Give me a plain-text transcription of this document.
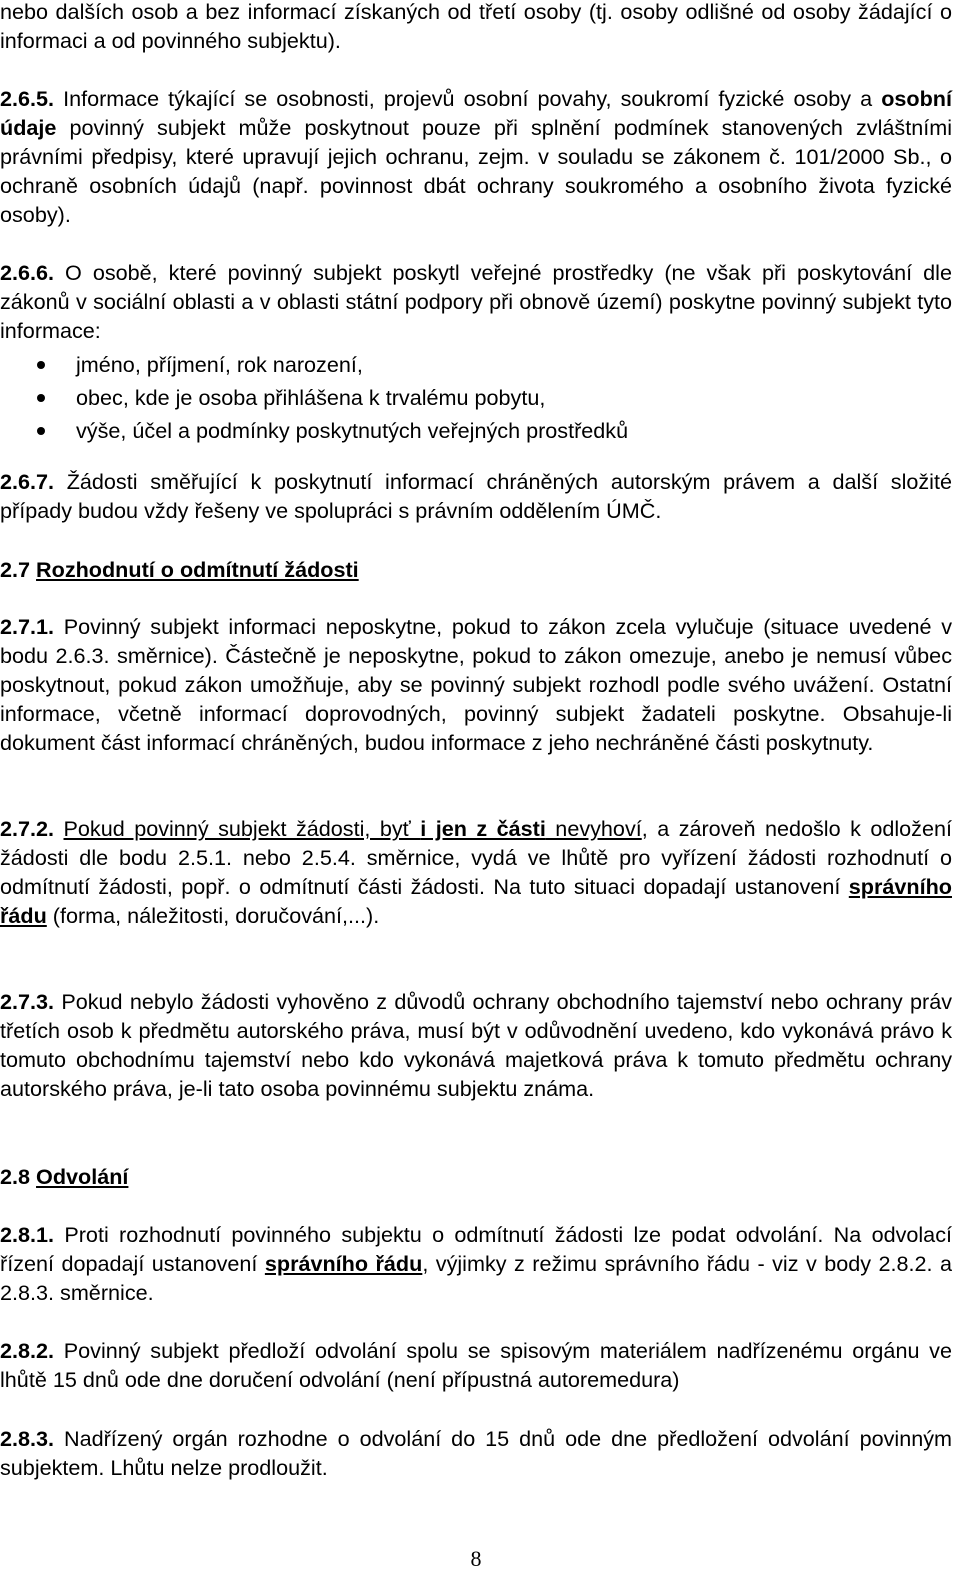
nebo dalších osob a bez informací získaných od třetí osoby (tj. osoby odlišné od osoby žádající o informaci a od povinného subjektu).

2.6.5. Informace týkající se osobnosti, projevů osobní povahy, soukromí fyzické osoby a osobní údaje povinný subjekt může poskytnout pouze při splnění podmínek stanovených zvláštními právními předpisy, které upravují jejich ochranu, zejm. v souladu se zákonem č. 101/2000 Sb., o ochraně osobních údajů (např. povinnost dbát ochrany soukromého a osobního života fyzické osoby).

2.6.6. O osobě, které povinný subjekt poskytl veřejné prostředky (ne však při poskytování dle zákonů v sociální oblasti a v oblasti státní podpory při obnově území) poskytne povinný subjekt tyto informace:

jméno, příjmení, rok narození,
obec, kde je osoba přihlášena k trvalému pobytu,
výše, účel a podmínky poskytnutých veřejných prostředků

2.6.7. Žádosti směřující k poskytnutí informací chráněných autorským právem a další složité případy budou vždy řešeny ve spolupráci s právním oddělením ÚMČ.

2.7 Rozhodnutí o odmítnutí žádosti

2.7.1. Povinný subjekt informaci neposkytne, pokud to zákon zcela vylučuje (situace uvedené v bodu 2.6.3. směrnice). Částečně je neposkytne, pokud to zákon omezuje, anebo je nemusí vůbec poskytnout, pokud zákon umožňuje, aby se povinný subjekt rozhodl podle svého uvážení. Ostatní informace, včetně informací doprovodných, povinný subjekt žadateli poskytne. Obsahuje-li dokument část informací chráněných, budou informace z jeho nechráněné části poskytnuty.

2.7.2. Pokud povinný subjekt žádosti, byť i jen z části nevyhoví, a zároveň nedošlo k odložení žádosti dle bodu 2.5.1. nebo 2.5.4. směrnice, vydá ve lhůtě pro vyřízení žádosti rozhodnutí o odmítnutí žádosti, popř. o odmítnutí části žádosti. Na tuto situaci dopadají ustanovení správního řádu (forma, náležitosti, doručování,...).

2.7.3. Pokud nebylo žádosti vyhověno z důvodů ochrany obchodního tajemství nebo ochrany práv třetích osob k předmětu autorského práva, musí být v odůvodnění uvedeno, kdo vykonává právo k tomuto obchodnímu tajemství nebo kdo vykonává majetková práva k tomuto předmětu ochrany autorského práva, je-li tato osoba povinnému subjektu známa.

2.8 Odvolání

2.8.1. Proti rozhodnutí povinného subjektu o odmítnutí žádosti lze podat odvolání. Na odvolací řízení dopadají ustanovení správního řádu, výjimky z režimu správního řádu - viz v body 2.8.2. a 2.8.3. směrnice.

2.8.2. Povinný subjekt předloží odvolání spolu se spisovým materiálem nadřízenému orgánu ve lhůtě 15 dnů ode dne doručení odvolání (není přípustná autoremedura)

2.8.3. Nadřízený orgán rozhodne o odvolání do 15 dnů ode dne předložení odvolání povinným subjektem. Lhůtu nelze prodloužit.

8
